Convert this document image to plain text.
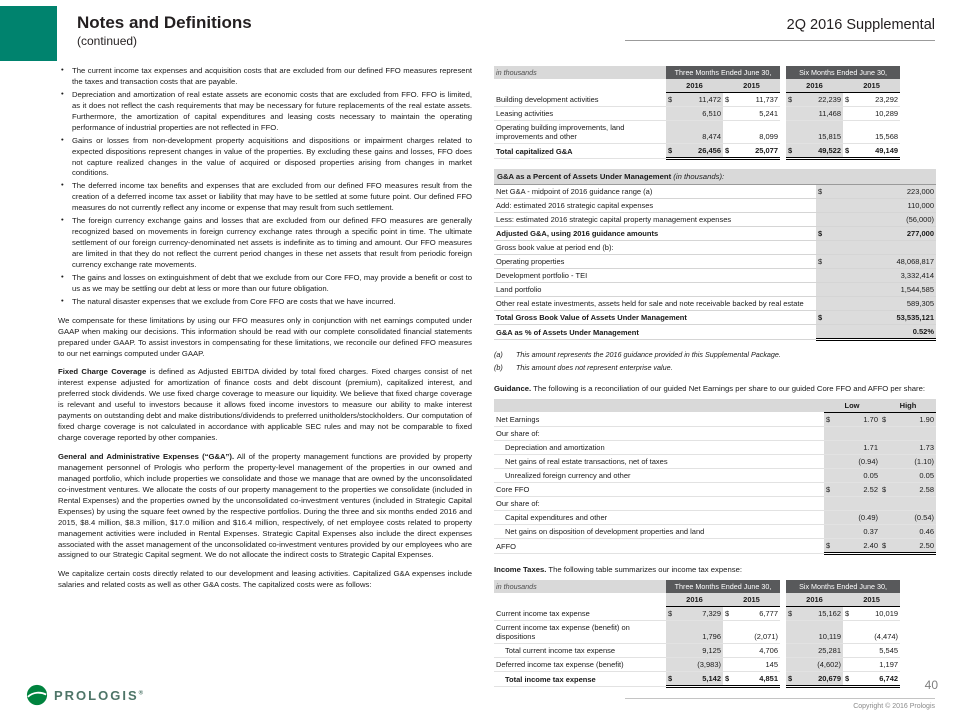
Notes and Definitions
(continued)
2Q 2016 Supplemental
• The current income tax expenses and acquisition costs that are excluded from our defined FFO measures represent the taxes and transaction costs that are payable.
• Depreciation and amortization of real estate assets are economic costs that are excluded from FFO. FFO is limited, as it does not reflect the cash requirements that may be necessary for future replacements of the real estate assets. Furthermore, the amortization of capital expenditures and leasing costs necessary to maintain the operating performance of industrial properties are not reflected in FFO.
• Gains or losses from non-development property acquisitions and dispositions or impairment charges related to expected dispositions represent changes in value of the properties. By excluding these gains and losses, FFO does not capture realized changes in the value of acquired or disposed properties arising from changes in market conditions.
• The deferred income tax benefits and expenses that are excluded from our defined FFO measures result from the creation of a deferred income tax asset or liability that may have to be settled at some future point. Our defined FFO measures do not currently reflect any income or expense that may result from such settlement.
• The foreign currency exchange gains and losses that are excluded from our defined FFO measures are generally recognized based on movements in foreign currency exchange rates through a specific point in time. The ultimate settlement of our foreign currency-denominated net assets is indefinite as to timing and amount. Our FFO measures are limited in that they do not reflect the current period changes in these net assets that result from periodic foreign currency exchange rate movements.
• The gains and losses on extinguishment of debt that we exclude from our Core FFO, may provide a benefit or cost to us as we may be settling our debt at less or more than our future obligation.
• The natural disaster expenses that we exclude from Core FFO are costs that we have incurred.

We compensate for these limitations by using our FFO measures only in conjunction with net earnings computed under GAAP when making our decisions. This information should be read with our complete consolidated financial statements prepared under GAAP. To assist investors in compensating for these limitations, we reconcile our defined FFO measures to our net earnings computed under GAAP.

Fixed Charge Coverage is defined as Adjusted EBITDA divided by total fixed charges. Fixed charges consist of net interest expense adjusted for amortization of finance costs and debt discount (premium), capitalized interest, and preferred stock dividends. We use fixed charge coverage to measure our liquidity. We believe that fixed charge coverage is relevant and useful to investors because it allows fixed income investors to measure our ability to make interest payments on outstanding debt and make distributions/dividends to preferred unitholders/stockholders. Our computation of fixed charge coverage is not calculated in accordance with applicable SEC rules and may not be comparable to fixed charge coverage reported by other companies.

General and Administrative Expenses (“G&A”). All of the property management functions are provided by property management personnel of Prologis who perform the property-level management of the properties in our owned and managed portfolio, which include properties we consolidate and those we manage that are owned by the unconsolidated co-investment ventures. We allocate the costs of our property management to the properties we consolidate (included in Rental Expenses) and the properties owned by the unconsolidated co-investment ventures (included in Strategic Capital Expenses) by using the square feet owned by the respective portfolios. During the three and six months ended 2016 and 2015, $8.4 million, $8.3 million, $17.0 million and $16.4 million, respectively, of net employee costs related to property management activities were included in Rental Expenses. Strategic Capital Expenses also include the direct expenses associated with the asset management of the unconsolidated co-investment ventures provided by our employees who are assigned to our Strategic Capital segment. We do not allocate the indirect costs to Strategic Capital Expenses.

We capitalize certain costs directly related to our development and leasing activities. Capitalized G&A expenses include salaries and related costs as well as other G&A costs. The capitalized costs were as follows:

in thousands	Three Months Ended June 30,					Six Months Ended June 30,			
	2016		2015			2016		2015	
Building development activities	$	11,472	$	11,737		$	22,239	$	23,292
Leasing activities		6,510		5,241			11,468		10,289
Operating building improvements, land improvements and other		8,474		8,099			15,815		15,568
Total capitalized G&A	$	26,456	$	25,077		$	49,522	$	49,149
G&A as a Percent of Assets Under Management (in thousands):		
Net G&A - midpoint of 2016 guidance range (a)	$	223,000
Add: estimated 2016 strategic capital expenses		110,000
Less: estimated 2016 strategic capital property management expenses		(56,000)
Adjusted G&A, using 2016 guidance amounts	$	277,000
Gross book value at period end (b):		
Operating properties	$	48,068,817
Development portfolio - TEI		3,332,414
Land portfolio		1,544,585
Other real estate investments, assets held for sale and note receivable backed by real estate		589,305
Total Gross Book Value of Assets Under Management	$	53,535,121
G&A as % of Assets Under Management		0.52%
(a)	This amount represents the 2016 guidance provided in this Supplemental Package.
(b)	This amount does not represent enterprise value.

Guidance. The following is a reconciliation of our guided Net Earnings per share to our guided Core FFO and AFFO per share:

	Low		High	
Net Earnings	$	1.70	$	1.90
Our share of:				
Depreciation and amortization		1.71		1.73
Net gains of real estate transactions, net of taxes		(0.94)		(1.10)
Unrealized foreign currency and other		0.05		0.05
Core FFO	$	2.52	$	2.58
Our share of:				
Capital expenditures and other		(0.49)		(0.54)
Net gains on disposition of development properties and land		0.37		0.46
AFFO	$	2.40	$	2.50

Income Taxes. The following table summarizes our income tax expense:

in thousands	Three Months Ended June 30,					Six Months Ended June 30,			
	2016		2015			2016		2015	
Current income tax expense	$	7,329	$	6,777		$	15,162	$	10,019
Current income tax expense (benefit) on dispositions		1,796		(2,071)			10,119		(4,474)
Total current income tax expense		9,125		4,706			25,281		5,545
Deferred income tax expense (benefit)		(3,983)		145			(4,602)		1,197
Total income tax expense	$	5,142	$	4,851		$	20,679	$	6,742
PROLOGIS®
40
Copyright © 2016 Prologis
